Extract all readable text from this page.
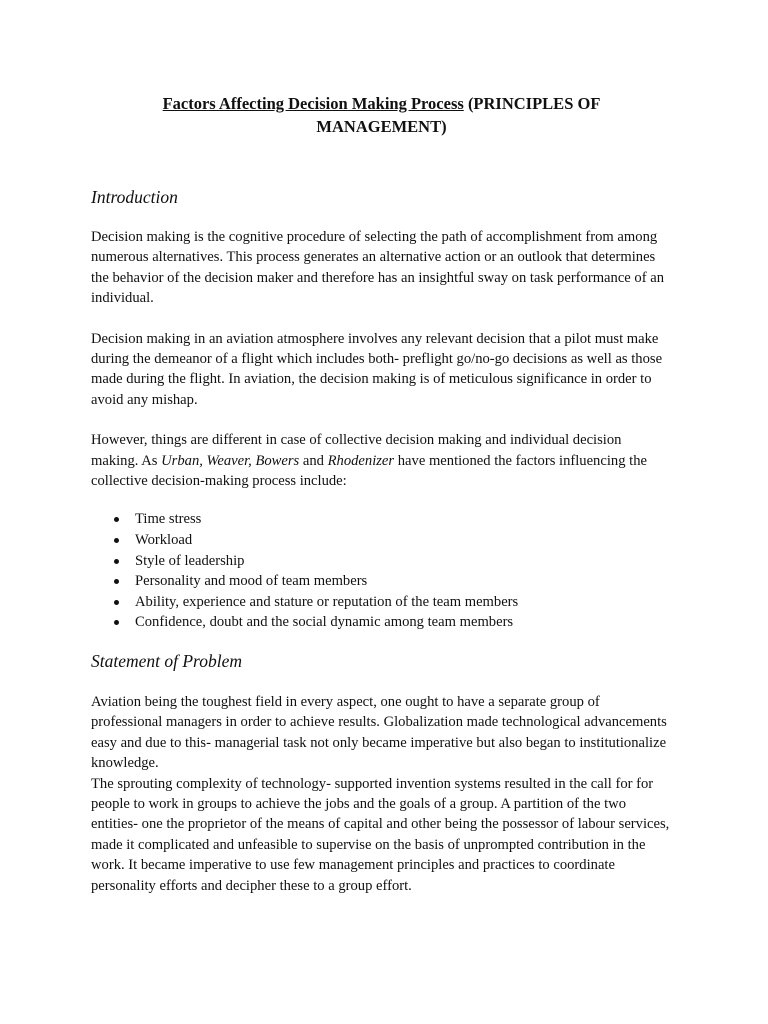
Factors Affecting Decision Making Process (PRINCIPLES OF MANAGEMENT)
Introduction

Decision making is the cognitive procedure of selecting the path of accomplishment from among numerous alternatives. This process generates an alternative action or an outlook that determines the behavior of the decision maker and therefore has an insightful sway on task performance of an individual.

Decision making in an aviation atmosphere involves any relevant decision that a pilot must make during the demeanor of a flight which includes both- preflight go/no-go decisions as well as those made during the flight. In aviation, the decision making is of meticulous significance in order to avoid any mishap.

However, things are different in case of collective decision making and individual decision making. As Urban, Weaver, Bowers and Rhodenizer have mentioned the factors influencing the collective decision-making process include:

Time stress
Workload
Style of leadership
Personality and mood of team members
Ability, experience and stature or reputation of the team members
Confidence, doubt and the social dynamic among team members
Statement of Problem

Aviation being the toughest field in every aspect, one ought to have a separate group of professional managers in order to achieve results. Globalization made technological advancements easy and due to this- managerial task not only became imperative but also began to institutionalize knowledge.

The sprouting complexity of technology- supported invention systems resulted in the call for for people to work in groups to achieve the jobs and the goals of a group. A partition of the two entities- one the proprietor of the means of capital and other being the possessor of labour services, made it complicated and unfeasible to supervise on the basis of unprompted contribution in the work. It became imperative to use few management principles and practices to coordinate personality efforts and decipher these to a group effort.
